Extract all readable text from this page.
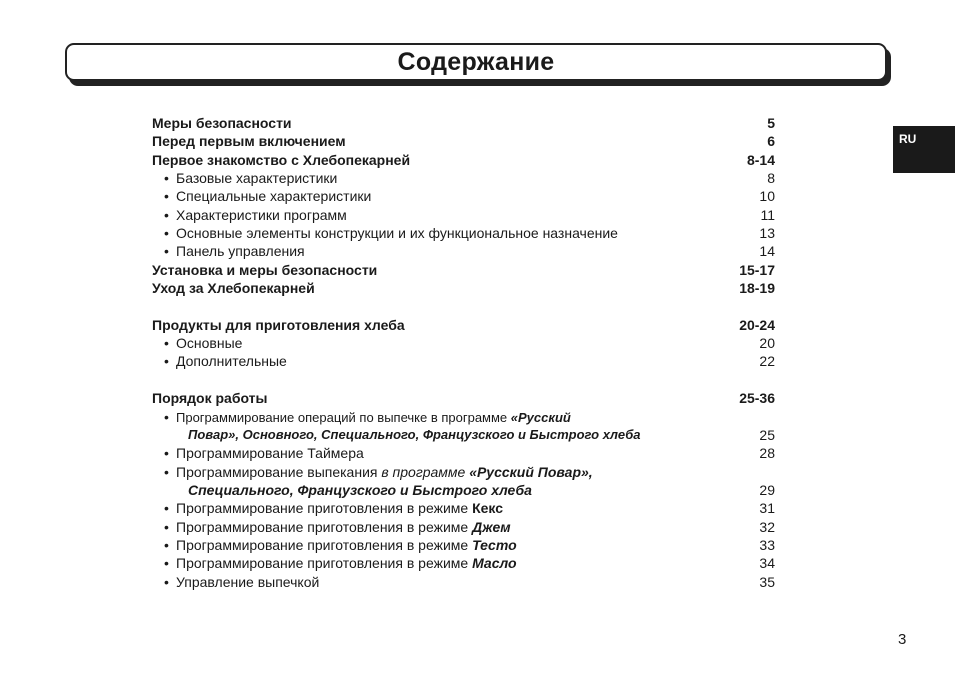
Содержание
RU
Меры безопасности	5
Перед первым включением	6
Первое знакомство с Хлебопекарней	8-14
• Базовые характеристики	8
• Специальные характеристики	10
• Характеристики программ	11
• Основные элементы конструкции и их функциональное назначение	13
• Панель управления	14
Установка и меры безопасности	15-17
Уход за Хлебопекарней	18-19
Продукты для приготовления хлеба	20-24
• Основные	20
• Дополнительные	22
Порядок работы	25-36
• Программирование операций по выпечке в программе «Русский
Повар», Основного, Специального, Французского и Быстрого хлеба	25
• Программирование Таймера	28
• Программирование выпекания в программе «Русский Повар»,
Специального, Французского и Быстрого хлеба	29
• Программирование приготовления в режиме Кекс	31
• Программирование приготовления в режиме Джем	32
• Программирование приготовления в режиме Тесто	33
• Программирование приготовления в режиме Масло	34
• Управление выпечкой	35
3
